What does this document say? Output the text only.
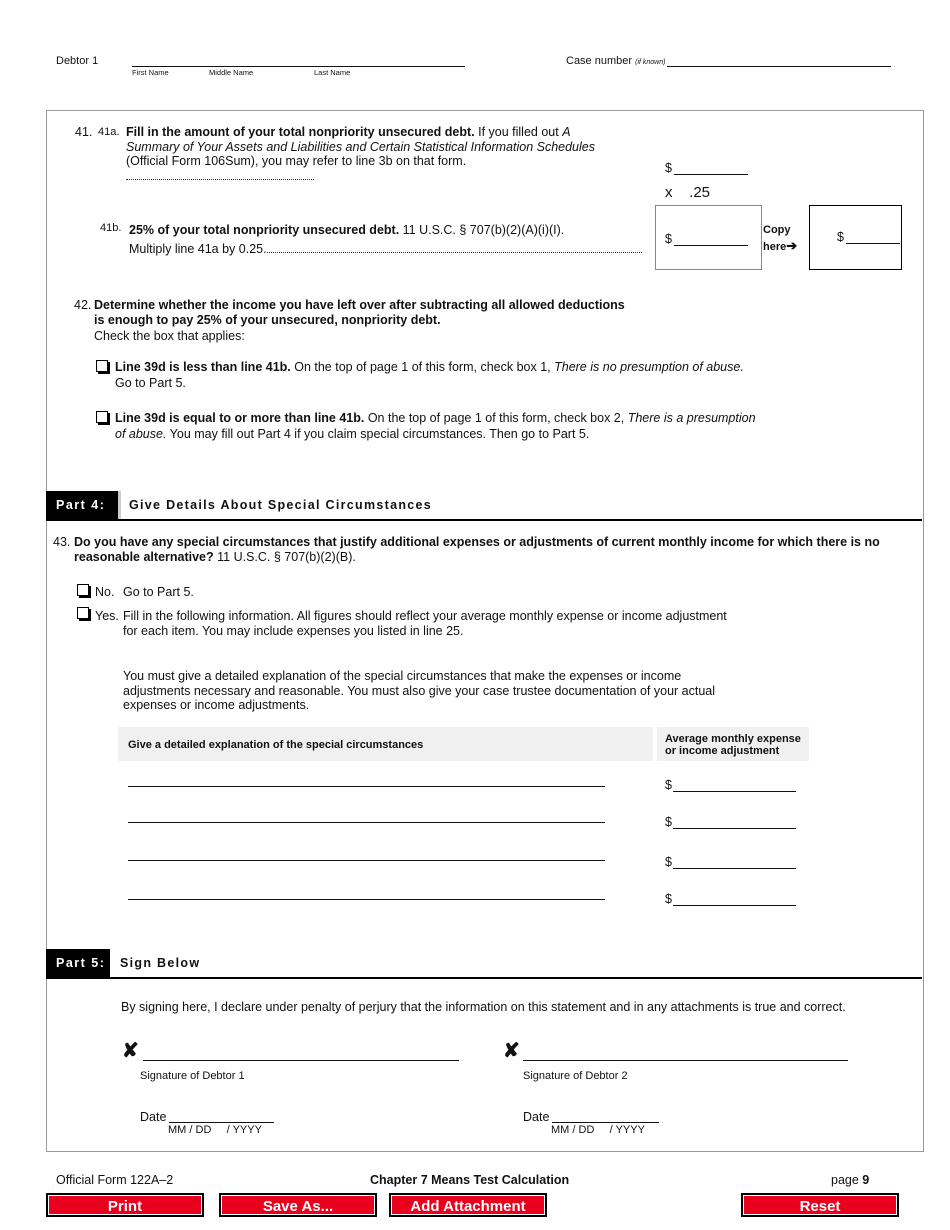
Debtor 1
First Name	Middle Name	Last Name
Case number (if known)
41. 41a. Fill in the amount of your total nonpriority unsecured debt. If you filled out A
Summary of Your Assets and Liabilities and Certain Statistical Information Schedules
(Official Form 106Sum), you may refer to line 3b on that form.	$
x    .25
$
Copy
here➔
$
41b. 25% of your total nonpriority unsecured debt. 11 U.S.C. § 707(b)(2)(A)(i)(I).
Multiply line 41a by 0.25.
42. Determine whether the income you have left over after subtracting all allowed deductions
is enough to pay 25% of your unsecured, nonpriority debt.
Check the box that applies:
Line 39d is less than line 41b. On the top of page 1 of this form, check box 1, There is no presumption of abuse.
Go to Part 5.
Line 39d is equal to or more than line 41b. On the top of page 1 of this form, check box 2, There is a presumption
of abuse. You may fill out Part 4 if you claim special circumstances. Then go to Part 5.
Part 4:	Give Details About Special Circumstances
43. Do you have any special circumstances that justify additional expenses or adjustments of current monthly income for which there is no
reasonable alternative? 11 U.S.C. § 707(b)(2)(B).
No. Go to Part 5.
Yes. Fill in the following information. All figures should reflect your average monthly expense or income adjustment
for each item. You may include expenses you listed in line 25.
You must give a detailed explanation of the special circumstances that make the expenses or income
adjustments necessary and reasonable. You must also give your case trustee documentation of your actual
expenses or income adjustments.
Give a detailed explanation of the special circumstances	Average monthly expense
or income adjustment
$
$
$
$
Part 5:	Sign Below
By signing here, I declare under penalty of perjury that the information on this statement and in any attachments is true and correct.
✘
Signature of Debtor 1
✘
Signature of Debtor 2
Date
MM / DD     / YYYY
Date
MM / DD     / YYYY
Official Form 122A–2	Chapter 7 Means Test Calculation	page 9
Print	Save As...	Add Attachment	Reset
